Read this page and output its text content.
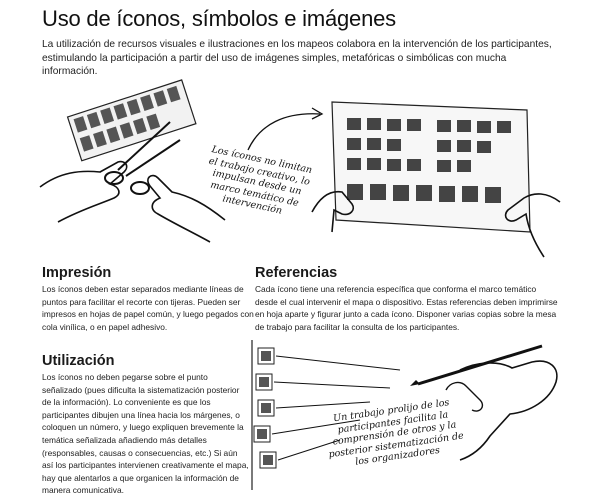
Uso de íconos, símbolos e imágenes

La utilización de recursos visuales e ilustraciones en los mapeos colabora en la intervención de los participantes, estimulando la participación a partir del uso de imágenes simples, metafóricas o simbólicas con mucha información.

Los íconos no limitan el trabajo creativo, lo impulsan desde un marco temático de intervención

Impresión

Los íconos deben estar separados mediante líneas de puntos para facilitar el recorte con tijeras. Pueden ser impresos en hojas de papel común, y luego pegados con cola vinílica, o en papel adhesivo.

Referencias

Cada ícono tiene una referencia específica que conforma el marco temático desde el cual intervenir el mapa o dispositivo. Estas referencias deben imprimirse en hoja aparte y figurar junto a cada ícono. Disponer varias copias sobre la mesa de trabajo para facilitar la consulta de los participantes.

Utilización

Los íconos no deben pegarse sobre el punto señalizado (pues dificulta la sistematización posterior de la información). Lo conveniente es que los participantes dibujen una línea hacia los márgenes, o coloquen un número, y luego expliquen brevemente la temática señalizada añadiendo más detalles (responsables, causas o consecuencias, etc.) Si aún así los participantes intervienen creativamente el mapa, hay que alentarlos a que organicen la información de manera comunicativa.

Un trabajo prolijo de los participantes facilita la comprensión de otros y la posterior sistematización de los organizadores
